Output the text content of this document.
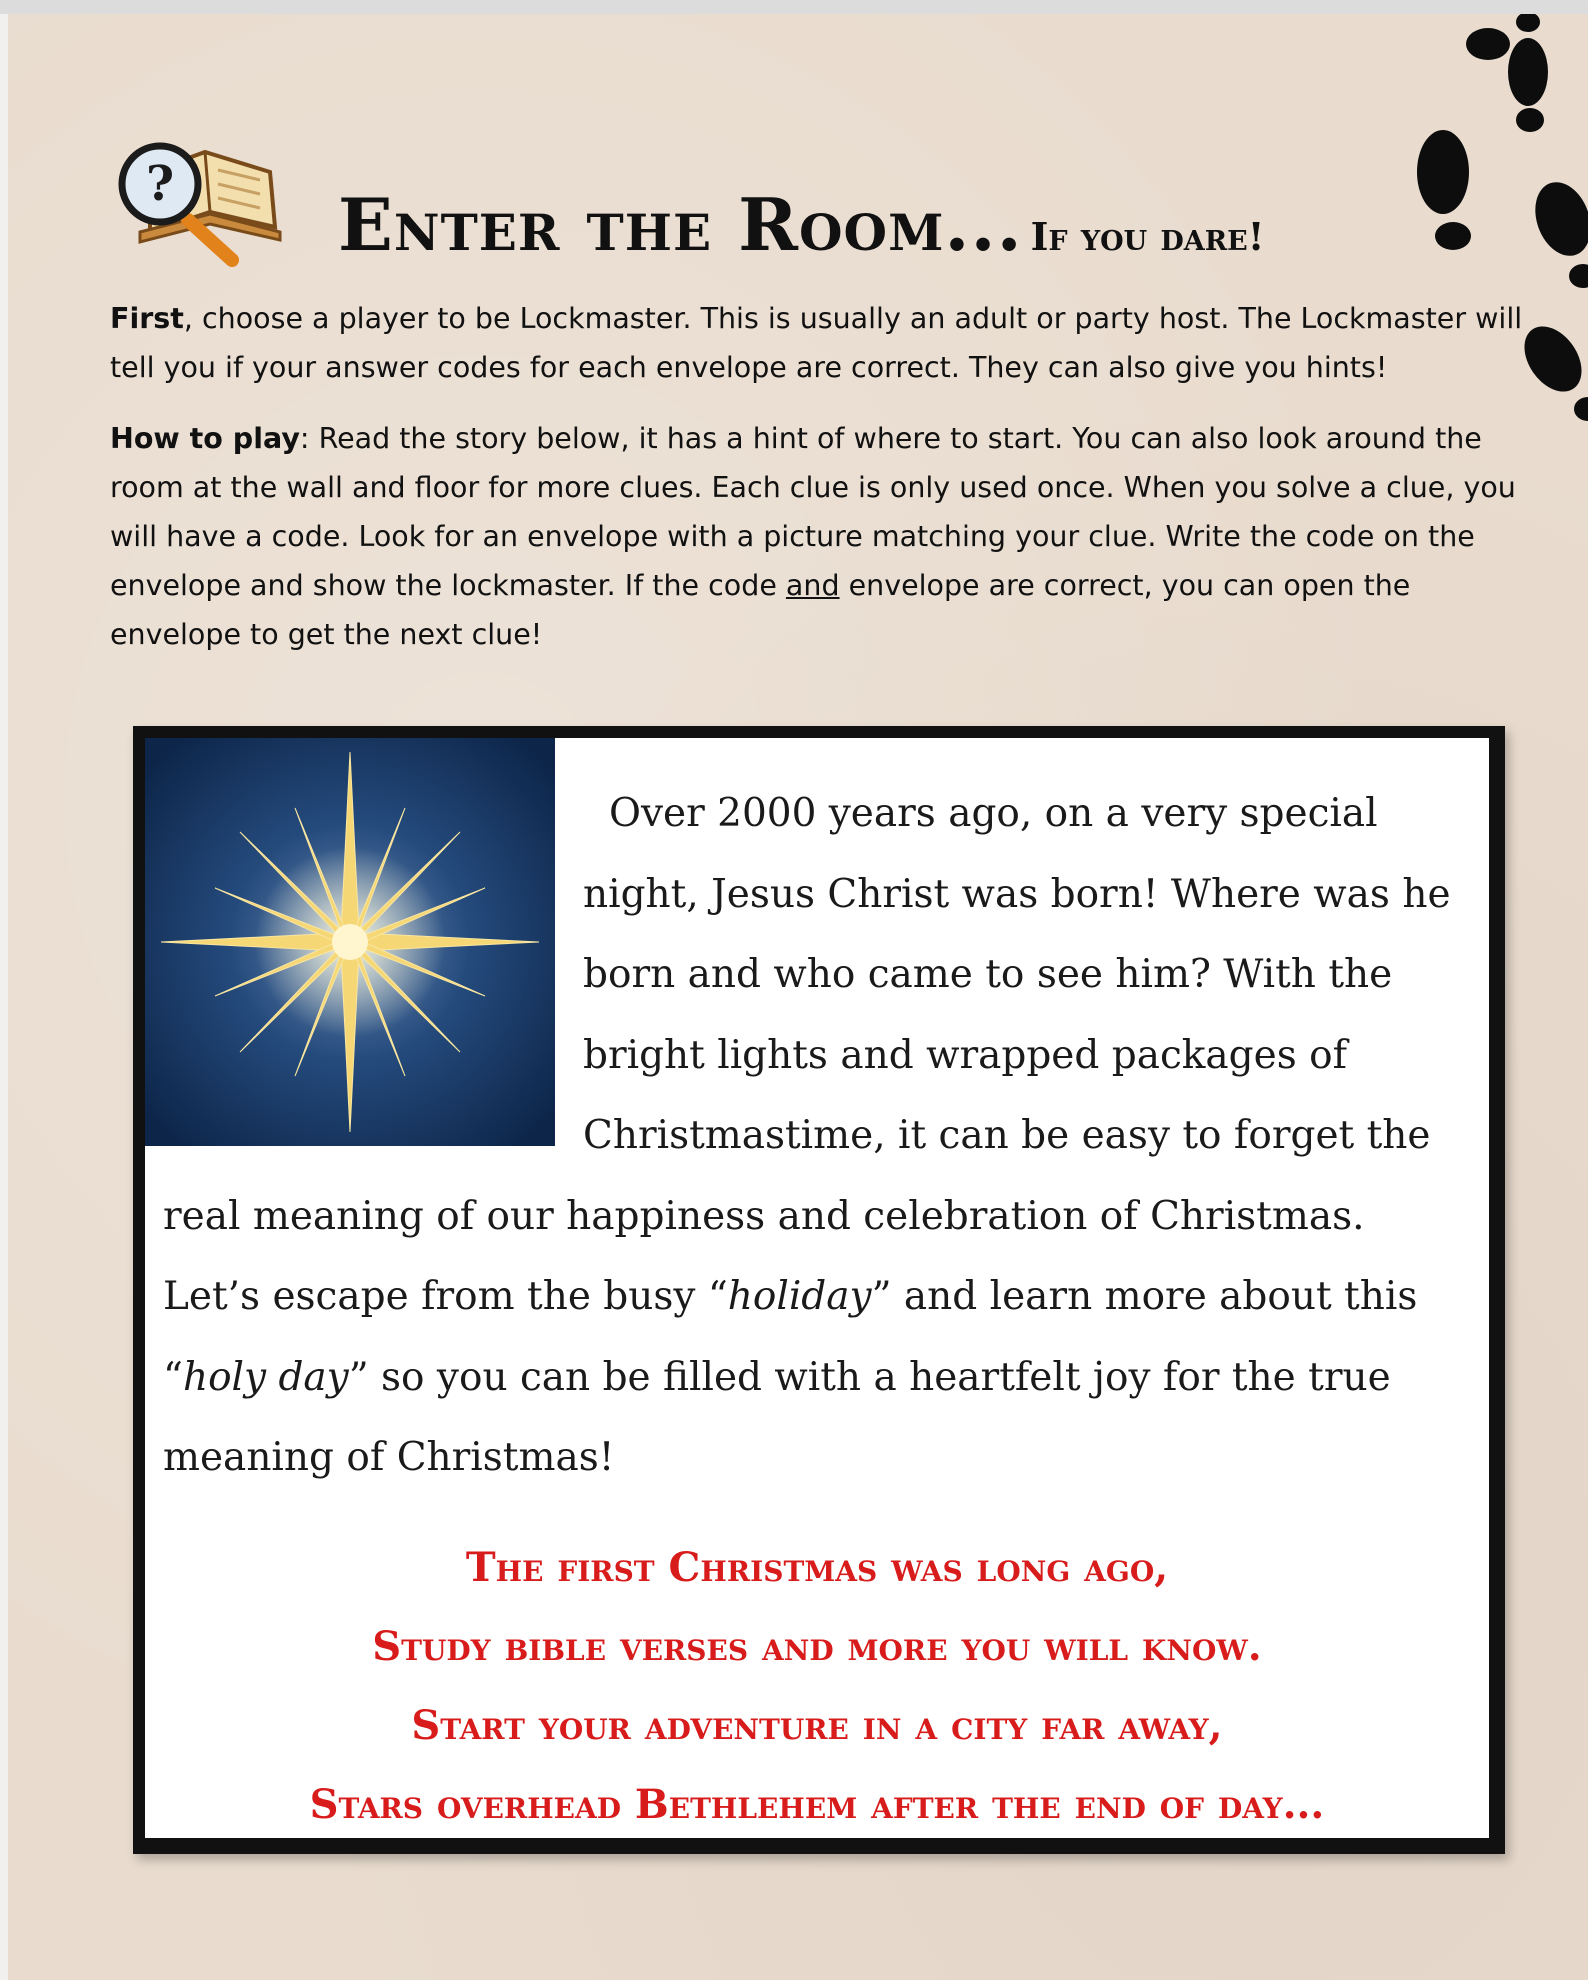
? Enter the Room... If you dare!
First, choose a player to be Lockmaster. This is usually an adult or party host. The Lockmaster will tell you if your answer codes for each envelope are correct. They can also give you hints!
How to play: Read the story below, it has a hint of where to start. You can also look around the room at the wall and floor for more clues. Each clue is only used once. When you solve a clue, you will have a code. Look for an envelope with a picture matching your clue. Write the code on the envelope and show the lockmaster. If the code and envelope are correct, you can open the envelope to get the next clue!
Over 2000 years ago, on a very special night, Jesus Christ was born! Where was he born and who came to see him? With the bright lights and wrapped packages of Christmastime, it can be easy to forget the real meaning of our happiness and celebration of Christmas. Let’s escape from the busy “holiday” and learn more about this “holy day” so you can be filled with a heartfelt joy for the true meaning of Christmas!
The first Christmas was long ago,
Study bible verses and more you will know.
Start your adventure in a city far away,
Stars overhead Bethlehem after the end of day...
